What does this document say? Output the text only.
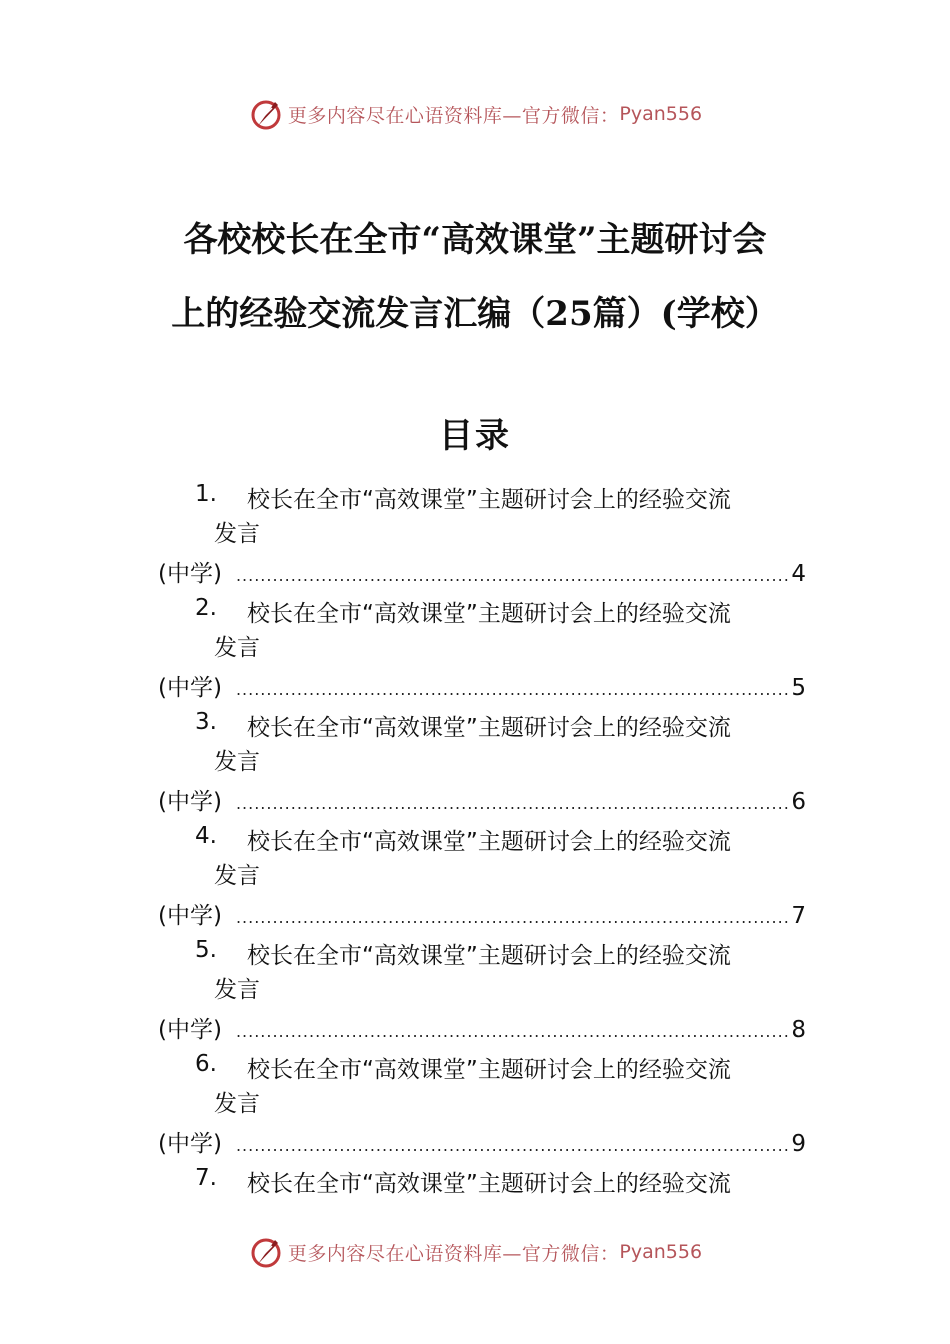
更多内容尽在心语资料库—官方微信： Pyan556
各校校长在全市“高效课堂”主题研讨会
上的经验交流发言汇编（25篇）(学校）
目录
1. 校长在全市“高效课堂”主题研讨会上的经验交流
发言
(中学) .....	4
2. 校长在全市“高效课堂”主题研讨会上的经验交流
发言
(中学) .....	5
3. 校长在全市“高效课堂”主题研讨会上的经验交流
发言
(中学) .....	6
4. 校长在全市“高效课堂”主题研讨会上的经验交流
发言
(中学) .....	7
5. 校长在全市“高效课堂”主题研讨会上的经验交流
发言
(中学) .....	8
6. 校长在全市“高效课堂”主题研讨会上的经验交流
发言
(中学) .....	9
7. 校长在全市“高效课堂”主题研讨会上的经验交流
更多内容尽在心语资料库—官方微信： Pyan556
